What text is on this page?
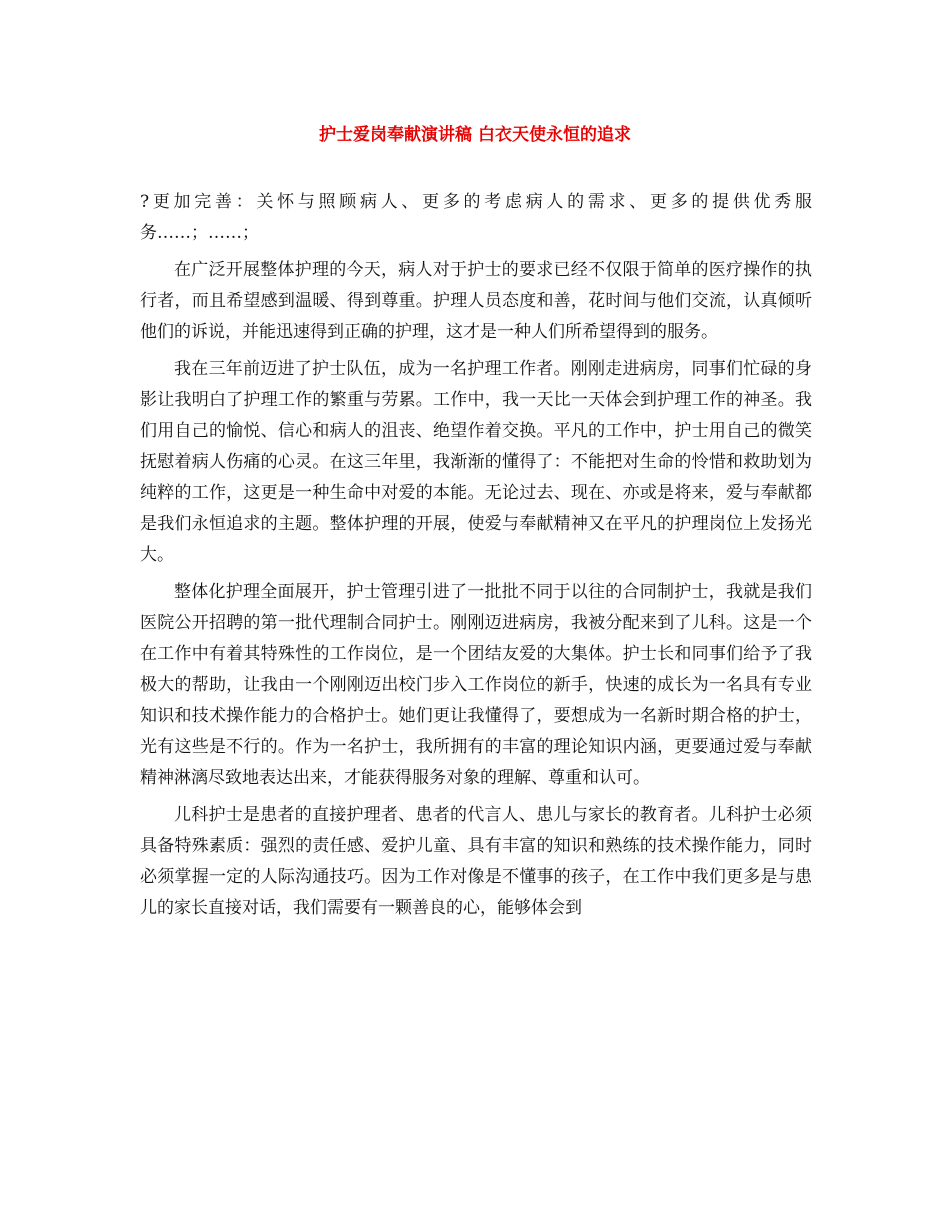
护士爱岗奉献演讲稿 白衣天使永恒的追求

?更加完善：关怀与照顾病人、更多的考虑病人的需求、更多的提供优秀服务……；……；

在广泛开展整体护理的今天，病人对于护士的要求已经不仅限于简单的医疗操作的执行者，而且希望感到温暖、得到尊重。护理人员态度和善，花时间与他们交流，认真倾听他们的诉说，并能迅速得到正确的护理，这才是一种人们所希望得到的服务。

我在三年前迈进了护士队伍，成为一名护理工作者。刚刚走进病房，同事们忙碌的身影让我明白了护理工作的繁重与劳累。工作中，我一天比一天体会到护理工作的神圣。我们用自己的愉悦、信心和病人的沮丧、绝望作着交换。平凡的工作中，护士用自己的微笑抚慰着病人伤痛的心灵。在这三年里，我渐渐的懂得了：不能把对生命的怜惜和救助划为纯粹的工作，这更是一种生命中对爱的本能。无论过去、现在、亦或是将来，爱与奉献都是我们永恒追求的主题。整体护理的开展，使爱与奉献精神又在平凡的护理岗位上发扬光大。

整体化护理全面展开，护士管理引进了一批批不同于以往的合同制护士，我就是我们医院公开招聘的第一批代理制合同护士。刚刚迈进病房，我被分配来到了儿科。这是一个在工作中有着其特殊性的工作岗位，是一个团结友爱的大集体。护士长和同事们给予了我极大的帮助，让我由一个刚刚迈出校门步入工作岗位的新手，快速的成长为一名具有专业知识和技术操作能力的合格护士。她们更让我懂得了，要想成为一名新时期合格的护士，光有这些是不行的。作为一名护士，我所拥有的丰富的理论知识内涵，更要通过爱与奉献精神淋漓尽致地表达出来，才能获得服务对象的理解、尊重和认可。

儿科护士是患者的直接护理者、患者的代言人、患儿与家长的教育者。儿科护士必须具备特殊素质：强烈的责任感、爱护儿童、具有丰富的知识和熟练的技术操作能力，同时必须掌握一定的人际沟通技巧。因为工作对像是不懂事的孩子，在工作中我们更多是与患儿的家长直接对话，我们需要有一颗善良的心，能够体会到
